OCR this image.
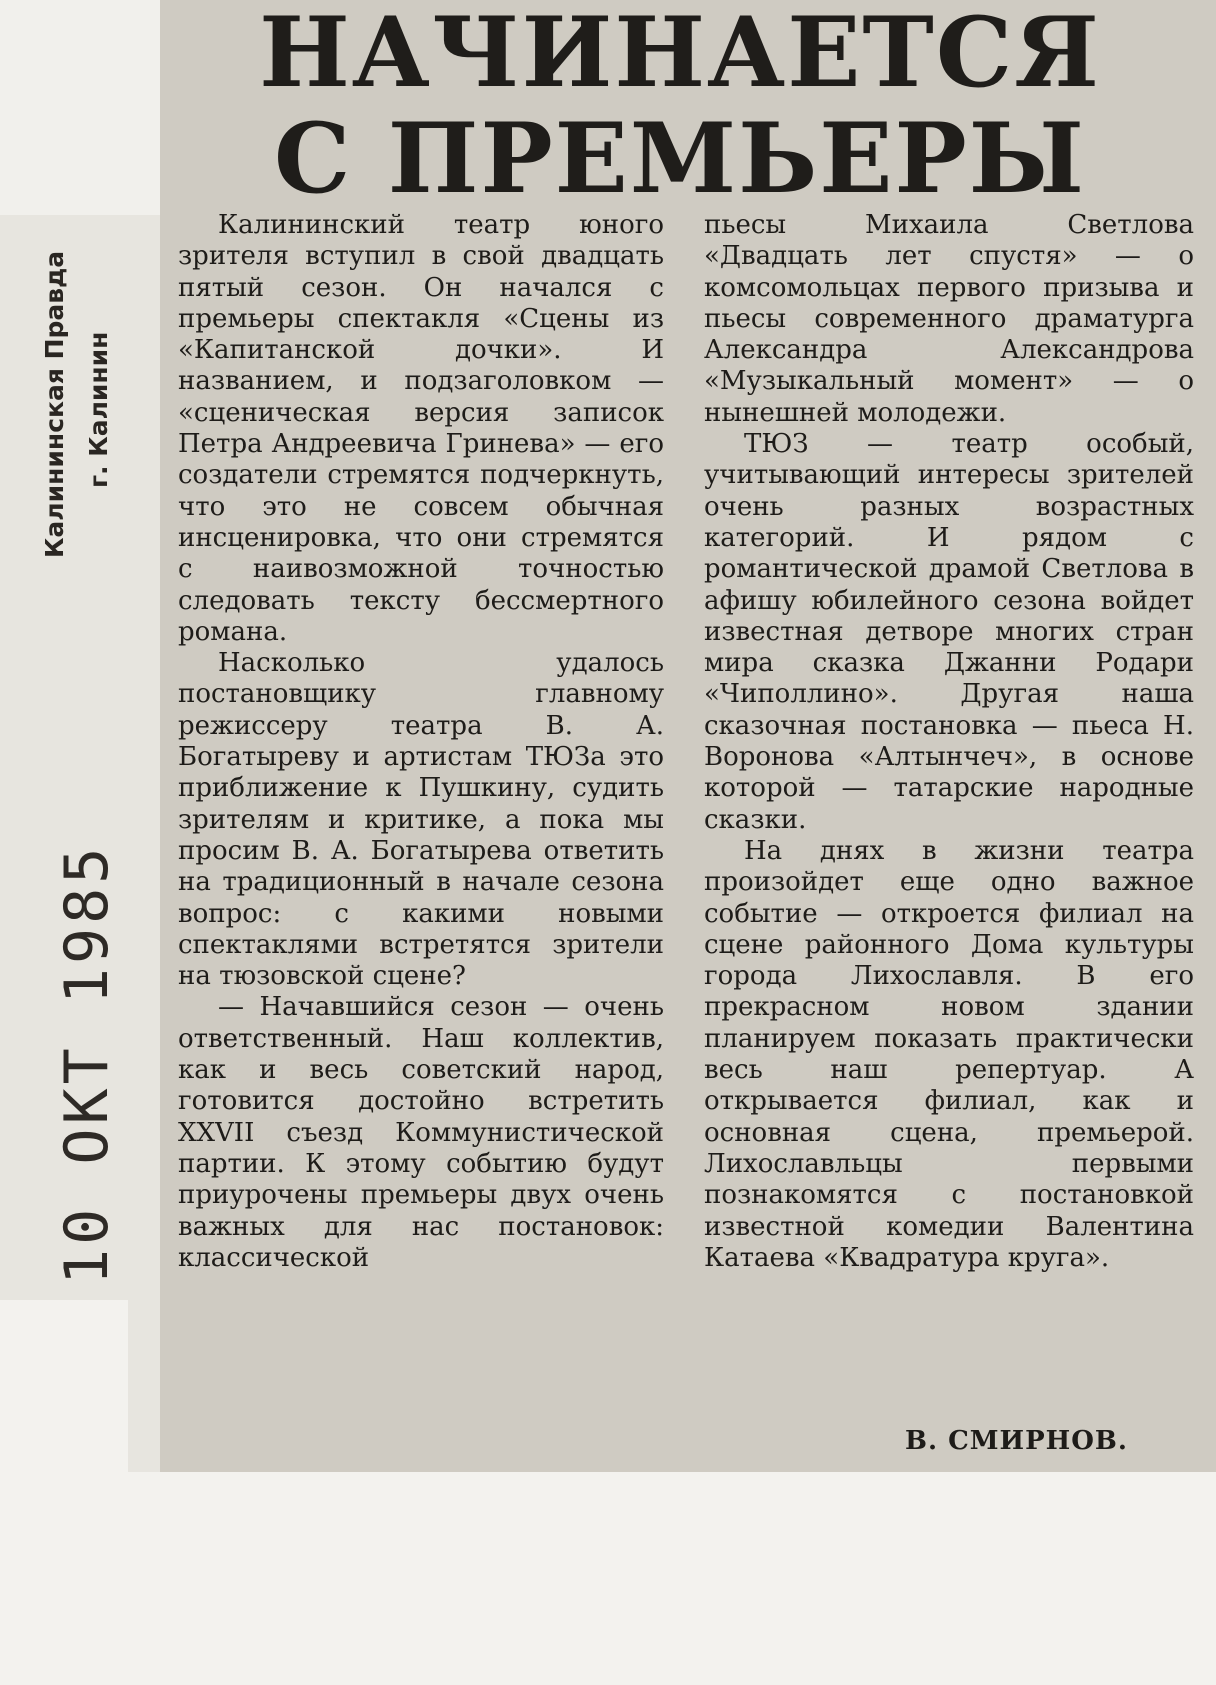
НАЧИНАЕТСЯ
С ПРЕМЬЕРЫ
Калининская Правда г. Калинин
10 ОКТ 1985

Калининский театр юного зрителя вступил в свой двадцать пятый сезон. Он начался с премьеры спектакля «Сцены из «Капитанской дочки». И названием, и подзаголовком — «сценическая версия записок Петра Андреевича Гринева» — его создатели стремятся подчеркнуть, что это не совсем обычная инсценировка, что они стремятся с наивозможной точностью следовать тексту бессмертного романа.

Насколько удалось постановщику главному режиссеру театра В. А. Богатыреву и артистам ТЮЗа это приближение к Пушкину, судить зрителям и критике, а пока мы просим В. А. Богатырева ответить на традиционный в начале сезона вопрос: с какими новыми спектаклями встретятся зрители на тюзовской сцене?

— Начавшийся сезон — очень ответственный. Наш коллектив, как и весь советский народ, готовится достойно встретить XXVII съезд Коммунистической партии. К этому событию будут приурочены премьеры двух очень важных для нас постановок: классической

пьесы Михаила Светлова «Двадцать лет спустя» — о комсомольцах первого призыва и пьесы современного драматурга Александра Александрова «Музыкальный момент» — о нынешней молодежи.

ТЮЗ — театр особый, учитывающий интересы зрителей очень разных возрастных категорий. И рядом с романтической драмой Светлова в афишу юбилейного сезона войдет известная детворе многих стран мира сказка Джанни Родари «Чиполлино». Другая наша сказочная постановка — пьеса Н. Воронова «Алтынчеч», в основе которой — татарские народные сказки.

На днях в жизни театра произойдет еще одно важное событие — откроется филиал на сцене районного Дома культуры города Лихославля. В его прекрасном новом здании планируем показать практически весь наш репертуар. А открывается филиал, как и основная сцена, премьерой. Лихославльцы первыми познакомятся с постановкой известной комедии Валентина Катаева «Квадратура круга».

В. СМИРНОВ.
